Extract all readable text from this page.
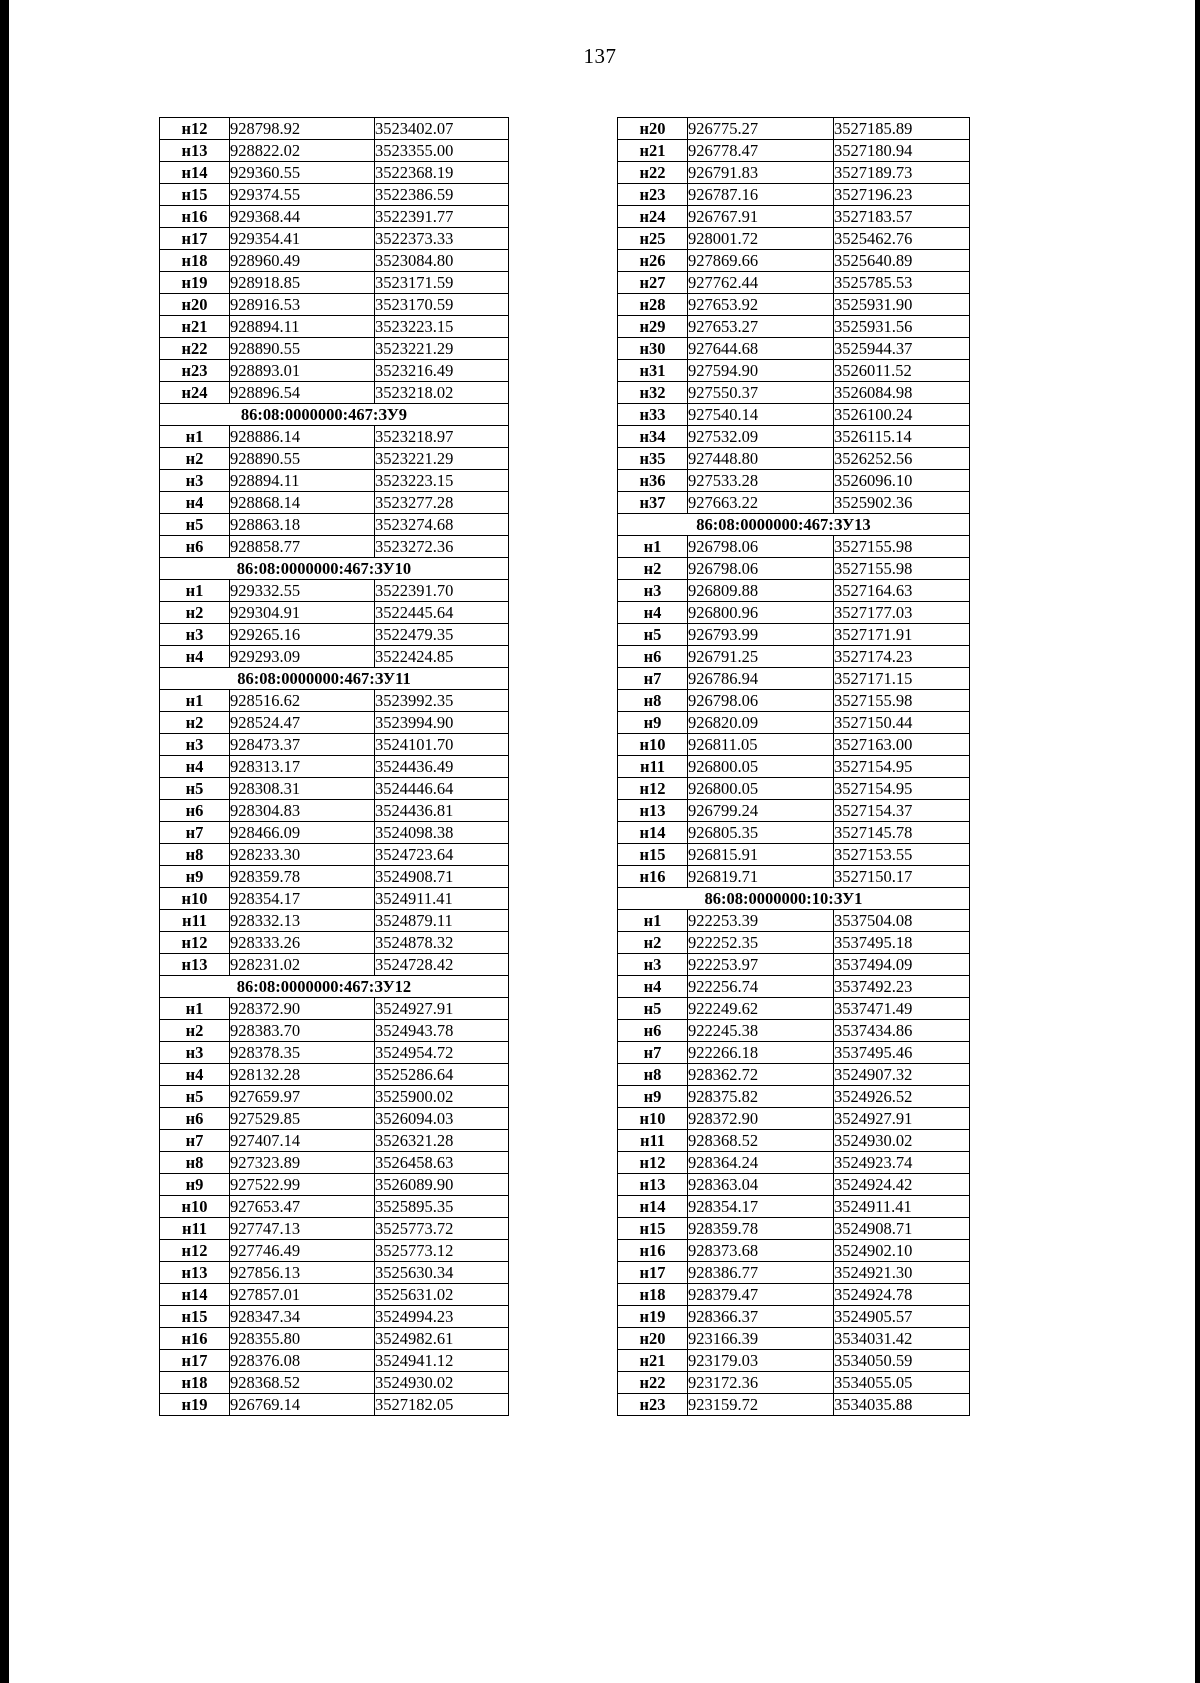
137
н12	928798.92	3523402.07
н13	928822.02	3523355.00
н14	929360.55	3522368.19
н15	929374.55	3522386.59
н16	929368.44	3522391.77
н17	929354.41	3522373.33
н18	928960.49	3523084.80
н19	928918.85	3523171.59
н20	928916.53	3523170.59
н21	928894.11	3523223.15
н22	928890.55	3523221.29
н23	928893.01	3523216.49
н24	928896.54	3523218.02
86:08:0000000:467:ЗУ9		
н1	928886.14	3523218.97
н2	928890.55	3523221.29
н3	928894.11	3523223.15
н4	928868.14	3523277.28
н5	928863.18	3523274.68
н6	928858.77	3523272.36
86:08:0000000:467:ЗУ10		
н1	929332.55	3522391.70
н2	929304.91	3522445.64
н3	929265.16	3522479.35
н4	929293.09	3522424.85
86:08:0000000:467:ЗУ11		
н1	928516.62	3523992.35
н2	928524.47	3523994.90
н3	928473.37	3524101.70
н4	928313.17	3524436.49
н5	928308.31	3524446.64
н6	928304.83	3524436.81
н7	928466.09	3524098.38
н8	928233.30	3524723.64
н9	928359.78	3524908.71
н10	928354.17	3524911.41
н11	928332.13	3524879.11
н12	928333.26	3524878.32
н13	928231.02	3524728.42
86:08:0000000:467:ЗУ12		
н1	928372.90	3524927.91
н2	928383.70	3524943.78
н3	928378.35	3524954.72
н4	928132.28	3525286.64
н5	927659.97	3525900.02
н6	927529.85	3526094.03
н7	927407.14	3526321.28
н8	927323.89	3526458.63
н9	927522.99	3526089.90
н10	927653.47	3525895.35
н11	927747.13	3525773.72
н12	927746.49	3525773.12
н13	927856.13	3525630.34
н14	927857.01	3525631.02
н15	928347.34	3524994.23
н16	928355.80	3524982.61
н17	928376.08	3524941.12
н18	928368.52	3524930.02
н19	926769.14	3527182.05
н20	926775.27	3527185.89
н21	926778.47	3527180.94
н22	926791.83	3527189.73
н23	926787.16	3527196.23
н24	926767.91	3527183.57
н25	928001.72	3525462.76
н26	927869.66	3525640.89
н27	927762.44	3525785.53
н28	927653.92	3525931.90
н29	927653.27	3525931.56
н30	927644.68	3525944.37
н31	927594.90	3526011.52
н32	927550.37	3526084.98
н33	927540.14	3526100.24
н34	927532.09	3526115.14
н35	927448.80	3526252.56
н36	927533.28	3526096.10
н37	927663.22	3525902.36
86:08:0000000:467:ЗУ13		
н1	926798.06	3527155.98
н2	926798.06	3527155.98
н3	926809.88	3527164.63
н4	926800.96	3527177.03
н5	926793.99	3527171.91
н6	926791.25	3527174.23
н7	926786.94	3527171.15
н8	926798.06	3527155.98
н9	926820.09	3527150.44
н10	926811.05	3527163.00
н11	926800.05	3527154.95
н12	926800.05	3527154.95
н13	926799.24	3527154.37
н14	926805.35	3527145.78
н15	926815.91	3527153.55
н16	926819.71	3527150.17
86:08:0000000:10:ЗУ1		
н1	922253.39	3537504.08
н2	922252.35	3537495.18
н3	922253.97	3537494.09
н4	922256.74	3537492.23
н5	922249.62	3537471.49
н6	922245.38	3537434.86
н7	922266.18	3537495.46
н8	928362.72	3524907.32
н9	928375.82	3524926.52
н10	928372.90	3524927.91
н11	928368.52	3524930.02
н12	928364.24	3524923.74
н13	928363.04	3524924.42
н14	928354.17	3524911.41
н15	928359.78	3524908.71
н16	928373.68	3524902.10
н17	928386.77	3524921.30
н18	928379.47	3524924.78
н19	928366.37	3524905.57
н20	923166.39	3534031.42
н21	923179.03	3534050.59
н22	923172.36	3534055.05
н23	923159.72	3534035.88
